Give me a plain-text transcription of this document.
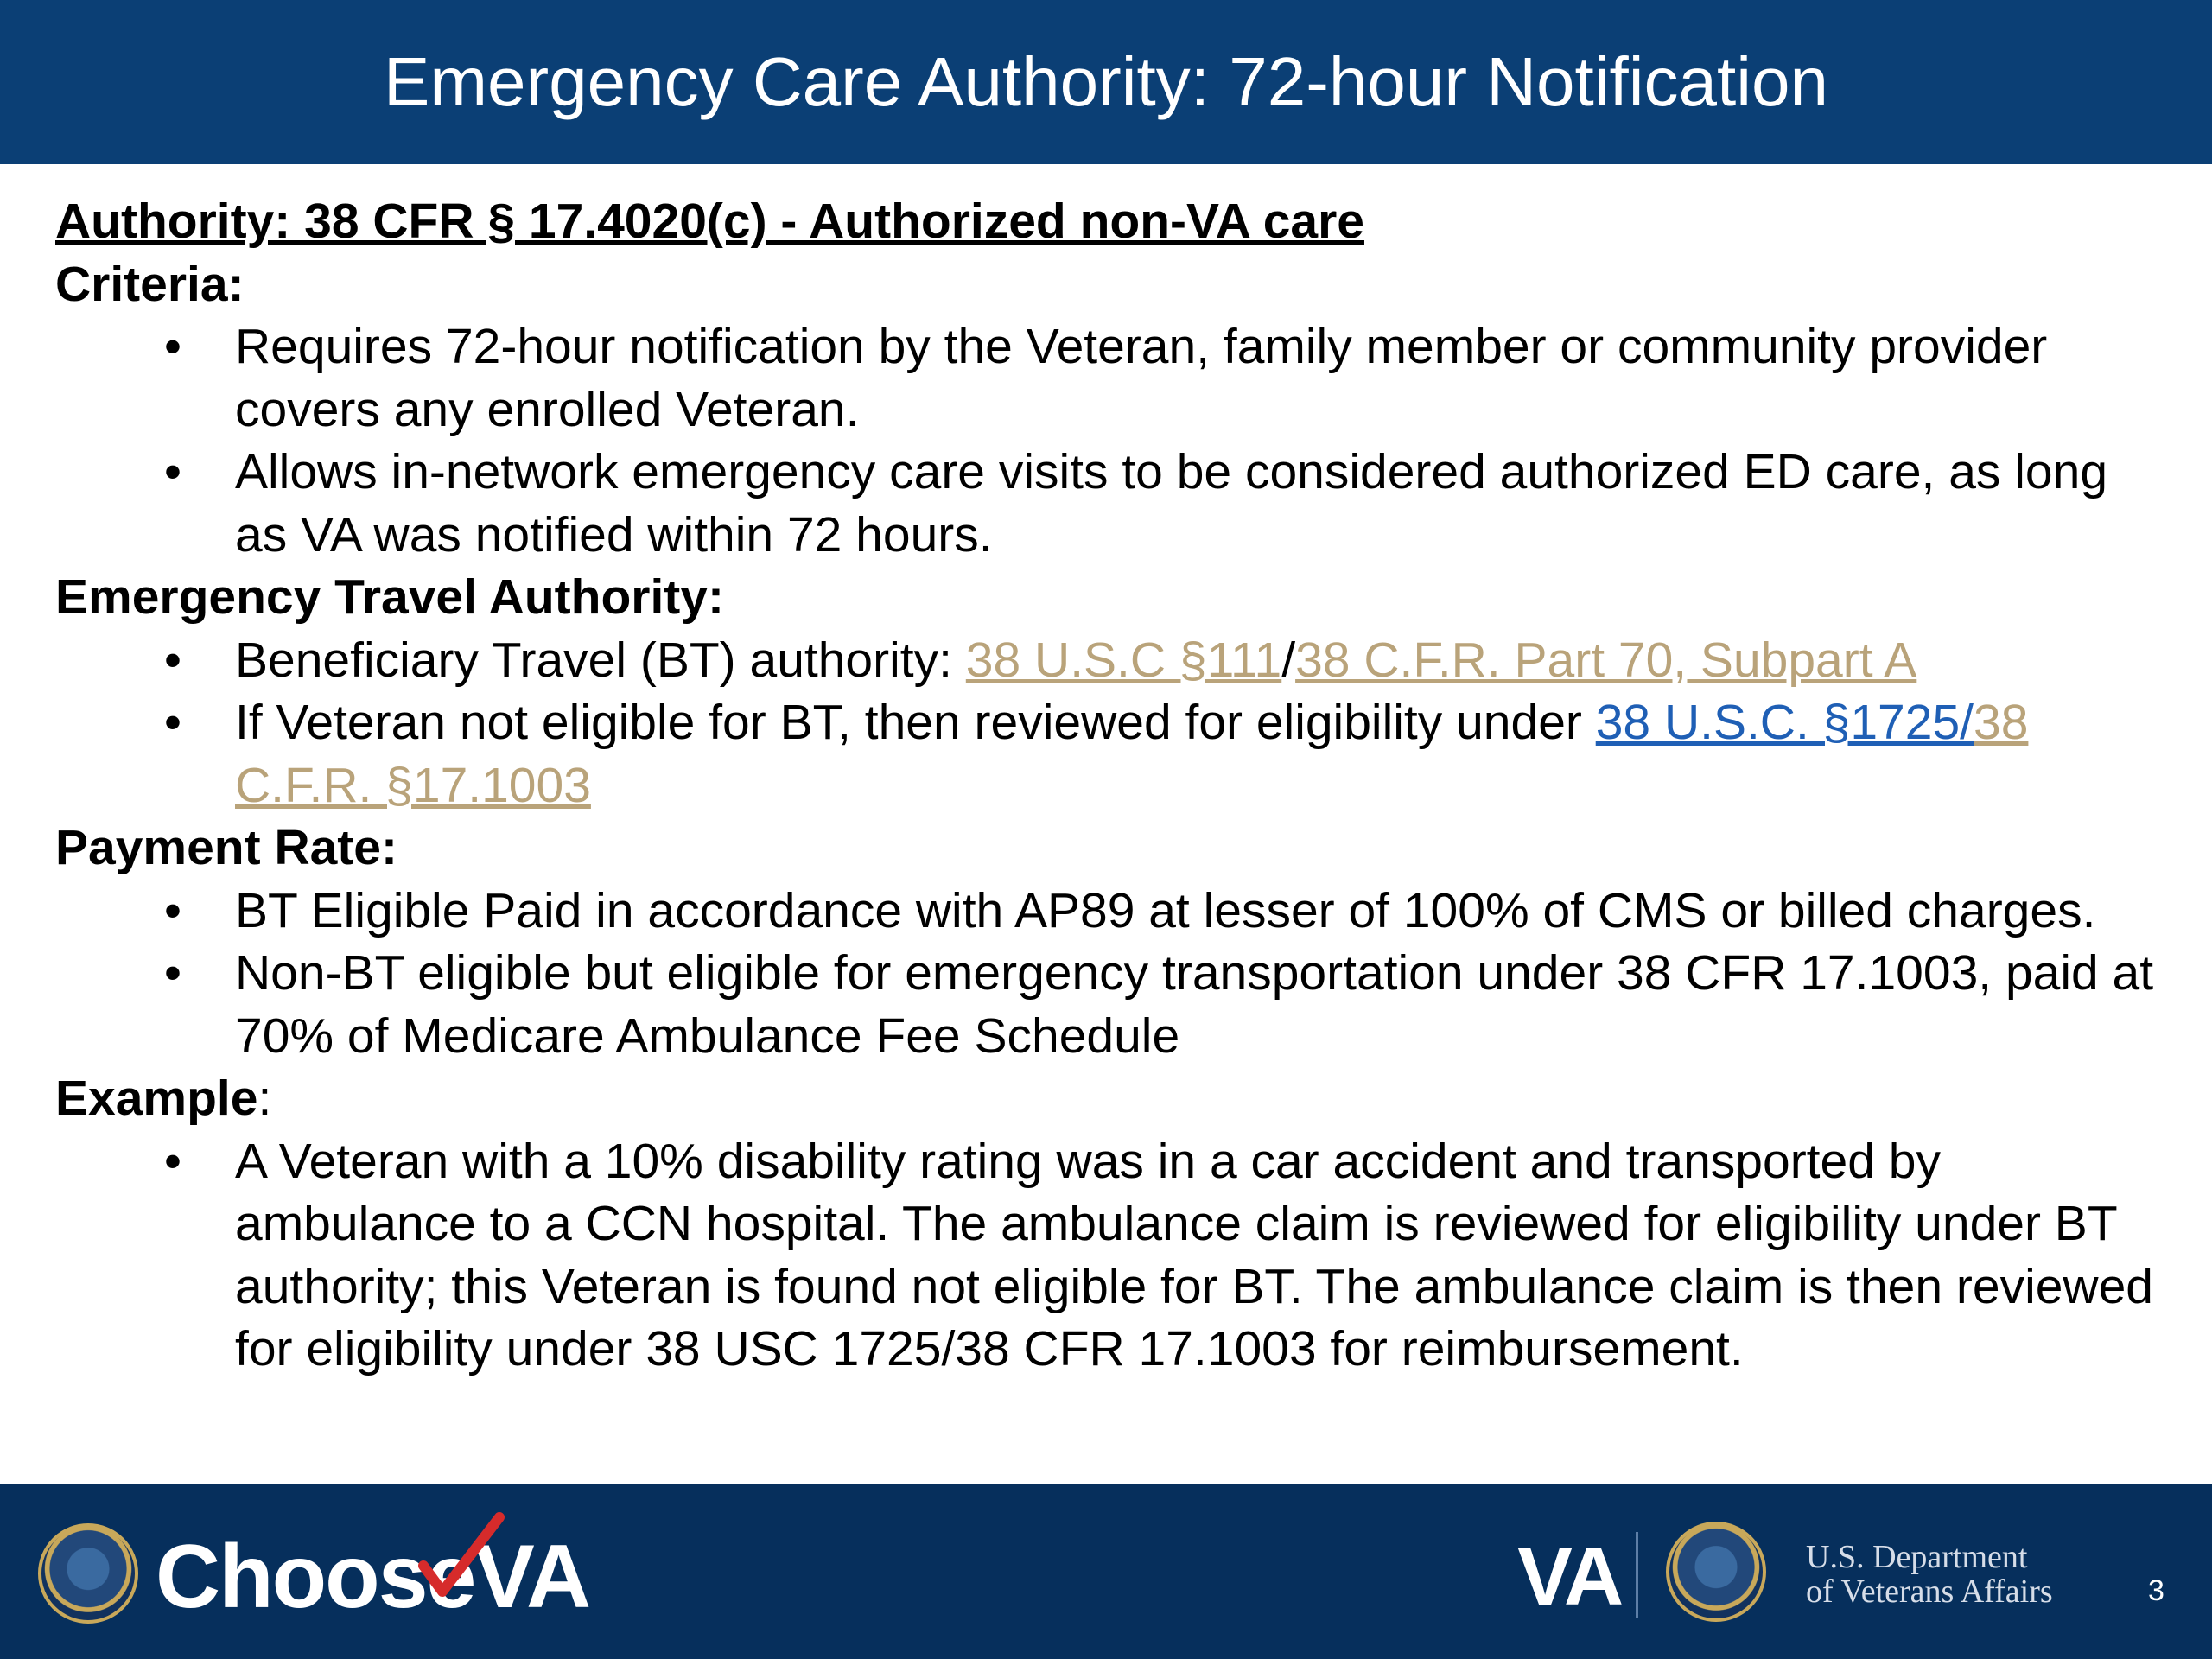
Emergency Care Authority: 72-hour Notification

Authority: 38 CFR § 17.4020(c) - Authorized non-VA care

Criteria:

• Requires 72-hour notification by the Veteran, family member or community provider covers any enrolled Veteran.
• Allows in-network emergency care visits to be considered authorized ED care, as long as VA was notified within 72 hours.

Emergency Travel Authority:

• Beneficiary Travel (BT) authority: 38 U.S.C §111/38 C.F.R. Part 70, Subpart A
• If Veteran not eligible for BT, then reviewed for eligibility under 38 U.S.C. §1725/38 C.F.R. §17.1003

Payment Rate:

• BT Eligible Paid in accordance with AP89 at lesser of 100% of CMS or billed charges.
• Non-BT eligible but eligible for emergency transportation under 38 CFR 17.1003, paid at 70% of Medicare Ambulance Fee Schedule

Example:

• A Veteran with a 10% disability rating was in a car accident and transported by ambulance to a CCN hospital. The ambulance claim is reviewed for eligibility under BT authority; this Veteran is found not eligible for BT. The ambulance claim is then reviewed for eligibility under 38 USC 1725/38 CFR 17.1003 for reimbursement.
Choose VA	VA	U.S. Department
of Veterans Affairs	3
